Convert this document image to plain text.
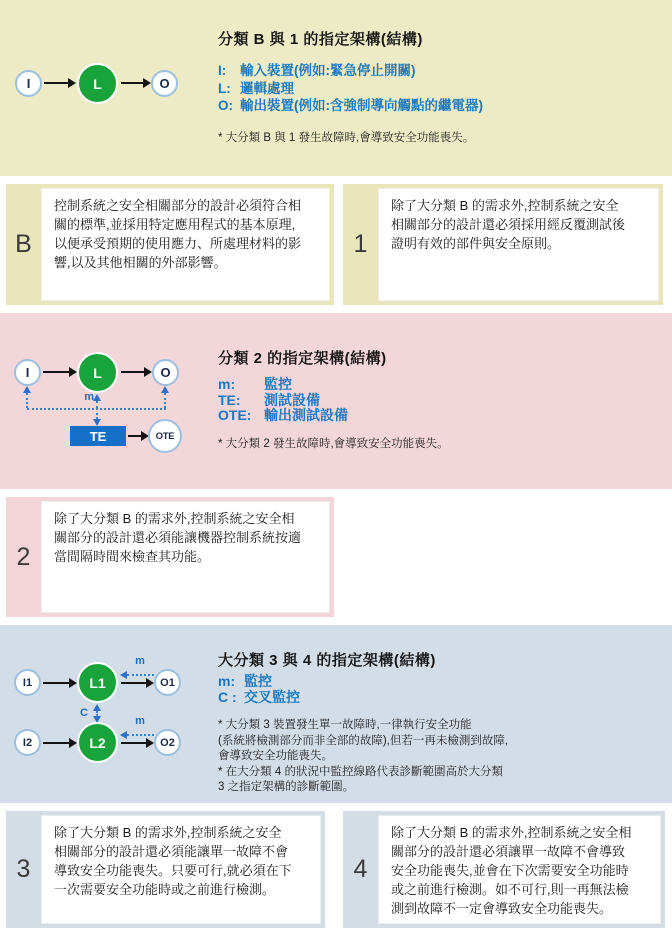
I	L	O
分類 B 與 1 的指定架構(結構)
I:	輸入裝置(例如:緊急停止開關)
L: 邏輯處理
O: 輸出裝置(例如:含強制導向觸點的繼電器)
* 大分類 B 與 1 發生故障時,會導致安全功能喪失。
B

控制系統之安全相關部分的設計必須符合相關的標準,並採用特定應用程式的基本原理,以便承受預期的使用應力、所處理材料的影響,以及其他相關的外部影響。

1

除了大分類 B 的需求外,控制系統之安全相關部分的設計還必須採用經反覆測試後證明有效的部件與安全原則。

I	L	O
m
TE	OTE
分類 2 的指定架構(結構)
m:	監控
TE:	測試設備
OTE: 輸出測試設備
* 大分類 2 發生故障時,會導致安全功能喪失。
2

除了大分類 B 的需求外,控制系統之安全相關部分的設計還必須能讓機器控制系統按適當間隔時間來檢查其功能。

I1	L1	O1
m
C
I2	L2	O2
m
大分類 3 與 4 的指定架構(結構)
m: 監控
C : 交叉監控
* 大分類 3 裝置發生單一故障時,一律執行安全功能
(系統將檢測部分而非全部的故障),但若一再未檢測到故障,
會導致安全功能喪失。
* 在大分類 4 的狀況中監控線路代表診斷範圍高於大分類
3 之指定架構的診斷範圍。
3

除了大分類 B 的需求外,控制系統之安全相關部分的設計還必須能讓單一故障不會導致安全功能喪失。只要可行,就必須在下一次需要安全功能時或之前進行檢測。

4

除了大分類 B 的需求外,控制系統之安全相關部分的設計還必須讓單一故障不會導致安全功能喪失,並會在下次需要安全功能時或之前進行檢測。如不可行,則一再無法檢測到故障不一定會導致安全功能喪失。
